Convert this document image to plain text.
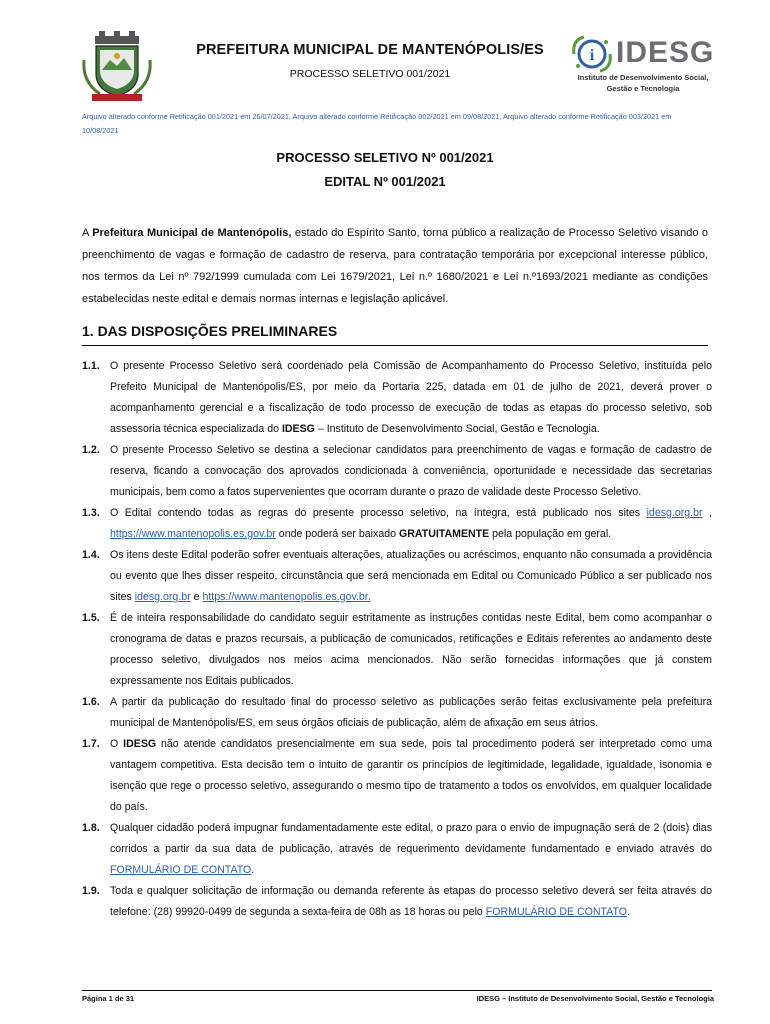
PREFEITURA MUNICIPAL DE MANTENÓPOLIS/ES
PROCESSO SELETIVO 001/2021
i IDESG
Instituto de Desenvolvimento Social,
Gestão e Tecnologia
Arquivo alterado conforme Retificação 001/2021 em 26/07/2021, Arquivo alterado conforme Retificação 002/2021 em 09/08/2021, Arquivo alterado conforme Retificação 003/2021 em 10/08/2021
PROCESSO SELETIVO Nº 001/2021
EDITAL Nº 001/2021

A Prefeitura Municipal de Mantenópolis, estado do Espírito Santo, torna público a realização de Processo Seletivo visando o preenchimento de vagas e formação de cadastro de reserva, para contratação temporária por excepcional interesse público, nos termos da Lei nº 792/1999 cumulada com Lei 1679/2021, Lei n.º 1680/2021 e Lei n.º1693/2021 mediante as condições estabelecidas neste edital e demais normas internas e legislação aplicável.

1. DAS DISPOSIÇÕES PRELIMINARES
1.1. O presente Processo Seletivo será coordenado pela Comissão de Acompanhamento do Processo Seletivo, instituída pelo Prefeito Municipal de Mantenópolis/ES, por meio da Portaria 225, datada em 01 de julho de 2021, deverá prover o acompanhamento gerencial e a fiscalização de todo processo de execução de todas as etapas do processo seletivo, sob assessoria técnica especializada do IDESG – Instituto de Desenvolvimento Social, Gestão e Tecnologia.
1.2. O presente Processo Seletivo se destina a selecionar candidatos para preenchimento de vagas e formação de cadastro de reserva, ficando a convocação dos aprovados condicionada à conveniência, oportunidade e necessidade das secretarias municipais, bem como a fatos supervenientes que ocorram durante o prazo de validade deste Processo Seletivo.
1.3. O Edital contendo todas as regras do presente processo seletivo, na íntegra, está publicado nos sites idesg.org.br , https://www.mantenopolis.es.gov.br onde poderá ser baixado GRATUITAMENTE pela população em geral.
1.4. Os itens deste Edital poderão sofrer eventuais alterações, atualizações ou acréscimos, enquanto não consumada a providência ou evento que lhes disser respeito, circunstância que será mencionada em Edital ou Comunicado Público a ser publicado nos sites idesg.org.br e https://www.mantenopolis.es.gov.br.
1.5. É de inteira responsabilidade do candidato seguir estritamente as instruções contidas neste Edital, bem como acompanhar o cronograma de datas e prazos recursais, a publicação de comunicados, retificações e Editais referentes ao andamento deste processo seletivo, divulgados nos meios acima mencionados. Não serão fornecidas informações que já constem expressamente nos Editais publicados.
1.6. A partir da publicação do resultado final do processo seletivo as publicações serão feitas exclusivamente pela prefeitura municipal de Mantenópolis/ES, em seus órgãos oficiais de publicação, além de afixação em seus átrios.
1.7. O IDESG não atende candidatos presencialmente em sua sede, pois tal procedimento poderá ser interpretado como uma vantagem competitiva. Esta decisão tem o intuito de garantir os princípios de legitimidade, legalidade, igualdade, isonomia e isenção que rege o processo seletivo, assegurando o mesmo tipo de tratamento a todos os envolvidos, em qualquer localidade do país.
1.8. Qualquer cidadão poderá impugnar fundamentadamente este edital, o prazo para o envio de impugnação será de 2 (dois) dias corridos a partir da sua data de publicação, através de requerimento devidamente fundamentado e enviado através do FORMULÁRIO DE CONTATO.
1.9. Toda e qualquer solicitação de informação ou demanda referente às etapas do processo seletivo deverá ser feita através do telefone: (28) 99920-0499 de segunda a sexta-feira de 08h as 18 horas ou pelo FORMULÁRIO DE CONTATO.
Página 1 de 31	IDESG – Instituto de Desenvolvimento Social, Gestão e Tecnologia
